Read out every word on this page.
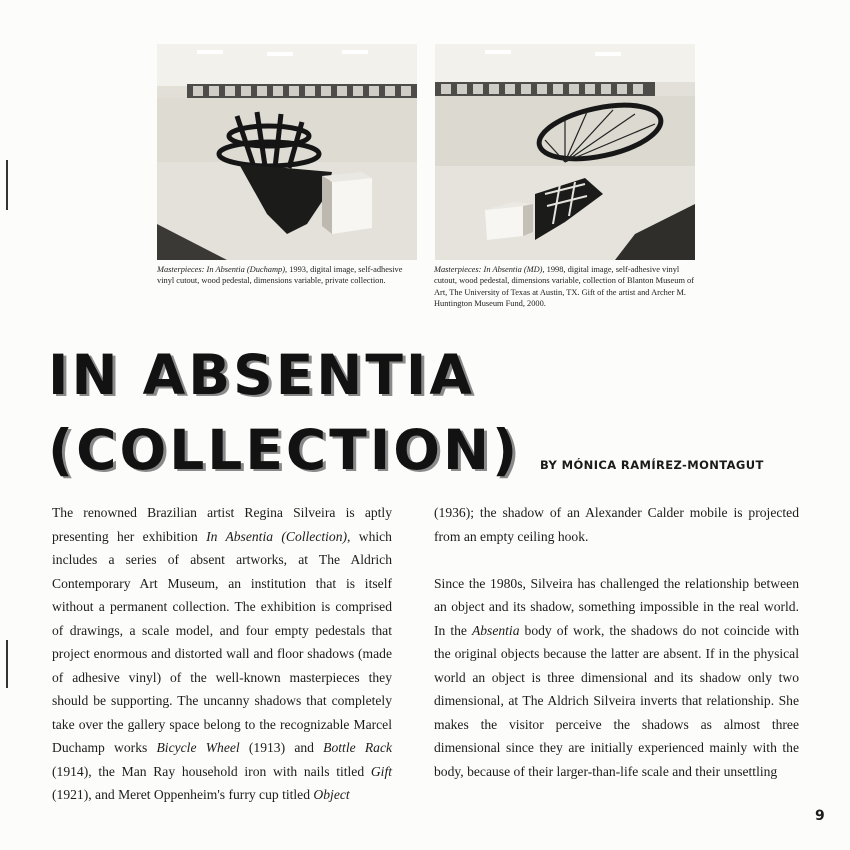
Masterpieces: In Absentia (Duchamp), 1993, digital image, self-adhesive vinyl cutout, wood pedestal, dimensions variable, private collection.
Masterpieces: In Absentia (MD), 1998, digital image, self-adhesive vinyl cutout, wood pedestal, dimensions variable, collection of Blanton Museum of Art, The University of Texas at Austin, TX. Gift of the artist and Archer M. Huntington Museum Fund, 2000.
IN ABSENTIA
(COLLECTION) BY MÓNICA RAMÍREZ-MONTAGUT

The renowned Brazilian artist Regina Silveira is aptly presenting her exhibition In Absentia (Collection), which includes a series of absent artworks, at The Aldrich Contemporary Art Museum, an institution that is itself without a permanent collection. The exhibition is comprised of drawings, a scale model, and four empty pedestals that project enormous and distorted wall and floor shadows (made of adhesive vinyl) of the well-known masterpieces they should be supporting. The uncanny shadows that completely take over the gallery space belong to the recognizable Marcel Duchamp works Bicycle Wheel (1913) and Bottle Rack (1914), the Man Ray household iron with nails titled Gift (1921), and Meret Oppenheim's furry cup titled Object

(1936); the shadow of an Alexander Calder mobile is projected from an empty ceiling hook.

Since the 1980s, Silveira has challenged the relationship between an object and its shadow, something impossible in the real world. In the Absentia body of work, the shadows do not coincide with the original objects because the latter are absent. If in the physical world an object is three dimensional and its shadow only two dimensional, at The Aldrich Silveira inverts that relationship. She makes the visitor perceive the shadows as almost three dimensional since they are initially experienced mainly with the body, because of their larger-than-life scale and their unsettling

9
